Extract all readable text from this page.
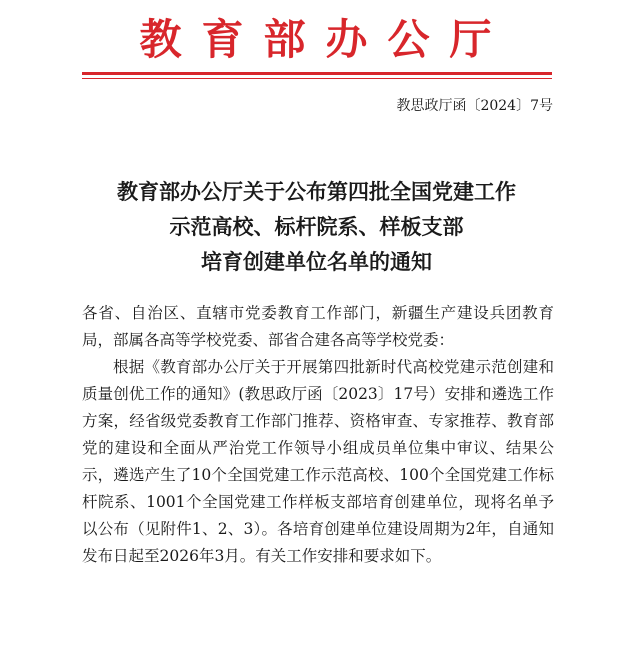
教育部办公厅
教思政厅函〔2024〕7号
教育部办公厅关于公布第四批全国党建工作
示范高校、标杆院系、样板支部
培育创建单位名单的通知

各省、自治区、直辖市党委教育工作部门，新疆生产建设兵团教育局，部属各高等学校党委、部省合建各高等学校党委：

根据《教育部办公厅关于开展第四批新时代高校党建示范创建和质量创优工作的通知》(教思政厅函〔2023〕17号）安排和遴选工作方案，经省级党委教育工作部门推荐、资格审查、专家推荐、教育部党的建设和全面从严治党工作领导小组成员单位集中审议、结果公示，遴选产生了10个全国党建工作示范高校、100个全国党建工作标杆院系、1001个全国党建工作样板支部培育创建单位，现将名单予以公布（见附件1、2、3）。各培育创建单位建设周期为2年，自通知发布日起至2026年3月。有关工作安排和要求如下。
